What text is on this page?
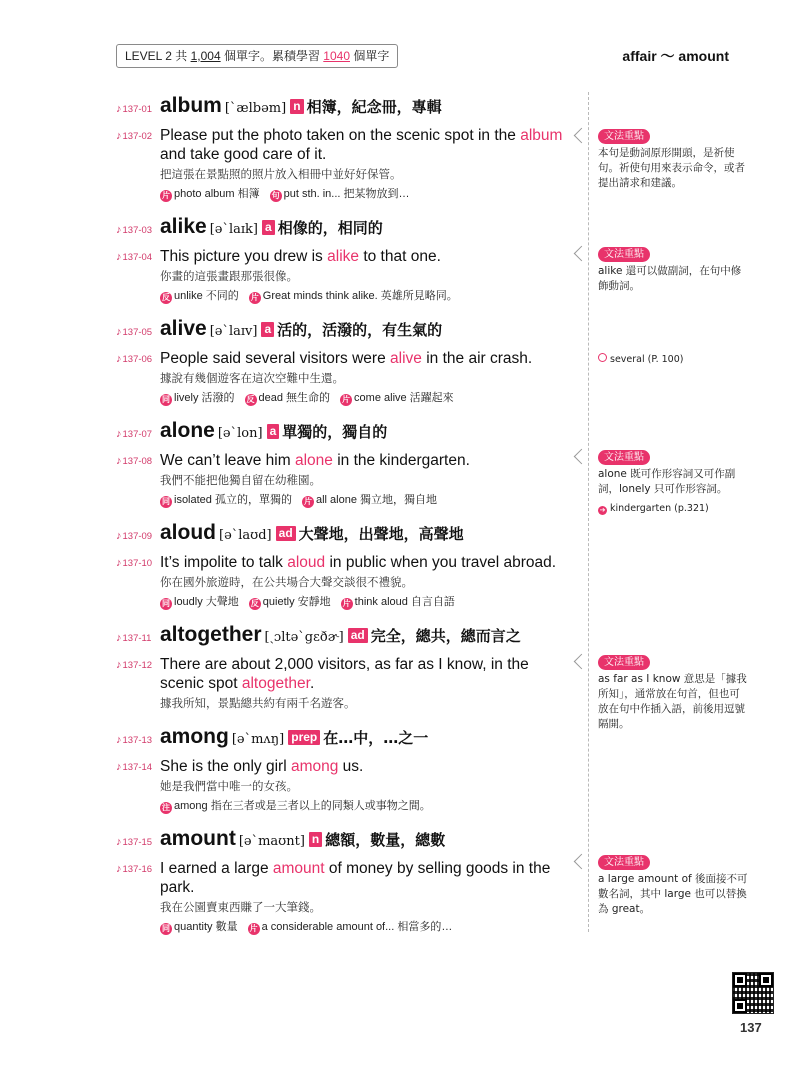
LEVEL 2 共 1,004 個單字。累積學習 1040 個單字	affair ～ amount
♪137-01 album [ˋælbəm] n 相簿，紀念冊，專輯
♪137-02 Please put the photo taken on the scenic spot in the album and take good care of it.
把這張在景點照的照片放入相冊中並好好保管。
片 photo album 相簿 句 put sth. in... 把某物放到…
♪137-03 alike [əˋlaɪk] a 相像的，相同的
♪137-04 This picture you drew is alike to that one.
你畫的這張畫跟那張很像。
反 unlike 不同的 片 Great minds think alike. 英雄所見略同。
♪137-05 alive [əˋlaɪv] a 活的，活潑的，有生氣的
♪137-06 People said several visitors were alive in the air crash.
據說有幾個遊客在這次空難中生還。
同 lively 活潑的 反 dead 無生命的 片 come alive 活躍起來
♪137-07 alone [əˋlon] a 單獨的，獨自的
♪137-08 We can’t leave him alone in the kindergarten.
我們不能把他獨自留在幼稚園。
同 isolated 孤立的，單獨的 片 all alone 獨立地，獨自地
♪137-09 aloud [əˋlaʊd] ad 大聲地，出聲地，高聲地
♪137-10 It’s impolite to talk aloud in public when you travel abroad.
你在國外旅遊時，在公共場合大聲交談很不禮貌。
同 loudly 大聲地 反 quietly 安靜地 片 think aloud 自言自語
♪137-11 altogether [ˏɔltəˋgɛðɚ] ad 完全，總共，總而言之
♪137-12 There are about 2,000 visitors, as far as I know, in the scenic spot altogether.
據我所知，景點總共約有兩千名遊客。
♪137-13 among [əˋmʌŋ] prep 在…中，…之一
♪137-14 She is the only girl among us.
她是我們當中唯一的女孩。
注 among 指在三者或是三者以上的同類人或事物之間。
♪137-15 amount [əˋmaʊnt] n 總額，數量，總數
♪137-16 I earned a large amount of money by selling goods in the park.
我在公園賣東西賺了一大筆錢。
同 quantity 數量 片 a considerable amount of... 相當多的…
文法重點
本句是動詞原形開頭，是祈使句。祈使句用來表示命令，或者提出請求和建議。
文法重點
alike 還可以做副詞，在句中修飾動詞。
several (P. 100)
文法重點
alone 既可作形容詞又可作副詞，lonely 只可作形容詞。
➔ kindergarten (p.321)
文法重點
as far as I know 意思是「據我所知」，通常放在句首，但也可放在句中作插入語，前後用逗號隔開。
文法重點
a large amount of 後面接不可數名詞，其中 large 也可以替換為 great。
137
